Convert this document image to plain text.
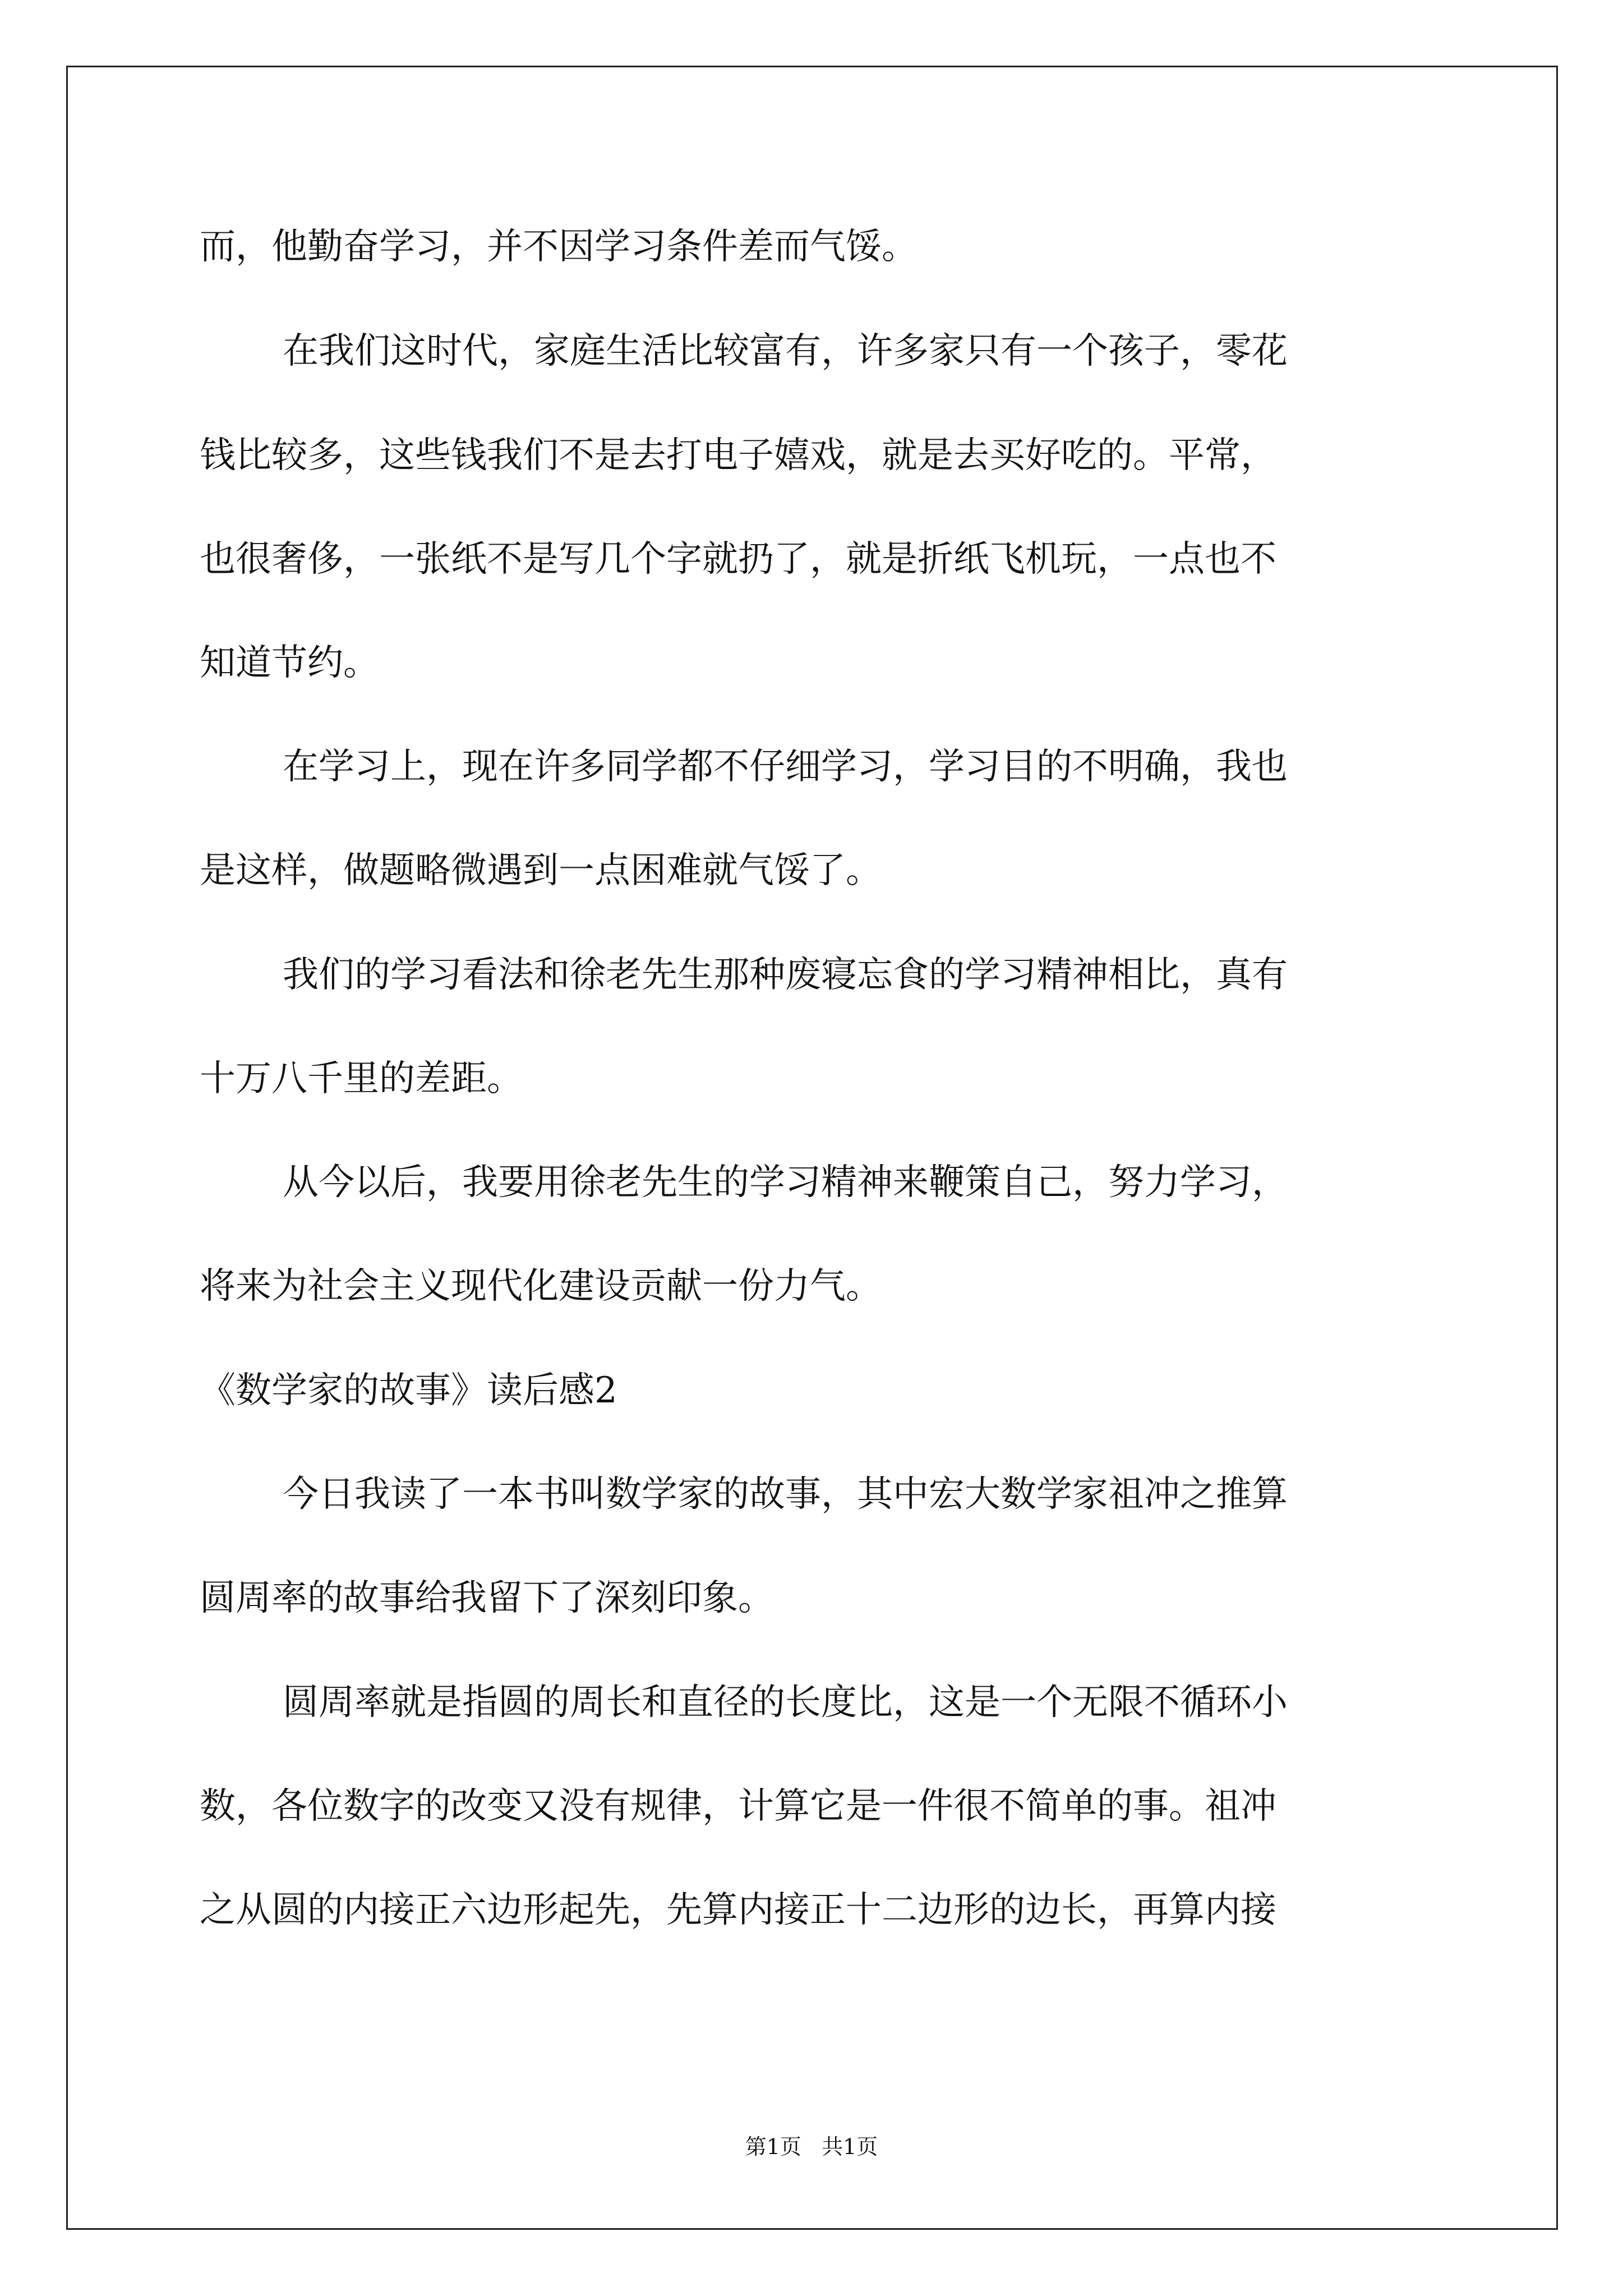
而，他勤奋学习，并不因学习条件差而气馁。
在我们这时代，家庭生活比较富有，许多家只有一个孩子，零花
钱比较多，这些钱我们不是去打电子嬉戏，就是去买好吃的。平常，
也很奢侈，一张纸不是写几个字就扔了，就是折纸飞机玩，一点也不
知道节约。
在学习上，现在许多同学都不仔细学习，学习目的不明确，我也
是这样，做题略微遇到一点困难就气馁了。
我们的学习看法和徐老先生那种废寝忘食的学习精神相比，真有
十万八千里的差距。
从今以后，我要用徐老先生的学习精神来鞭策自己，努力学习，
将来为社会主义现代化建设贡献一份力气。
《数学家的故事》读后感2
今日我读了一本书叫数学家的故事，其中宏大数学家祖冲之推算
圆周率的故事给我留下了深刻印象。
圆周率就是指圆的周长和直径的长度比，这是一个无限不循环小
数，各位数字的改变又没有规律，计算它是一件很不简单的事。祖冲
之从圆的内接正六边形起先，先算内接正十二边形的边长，再算内接
第1页   共1页
